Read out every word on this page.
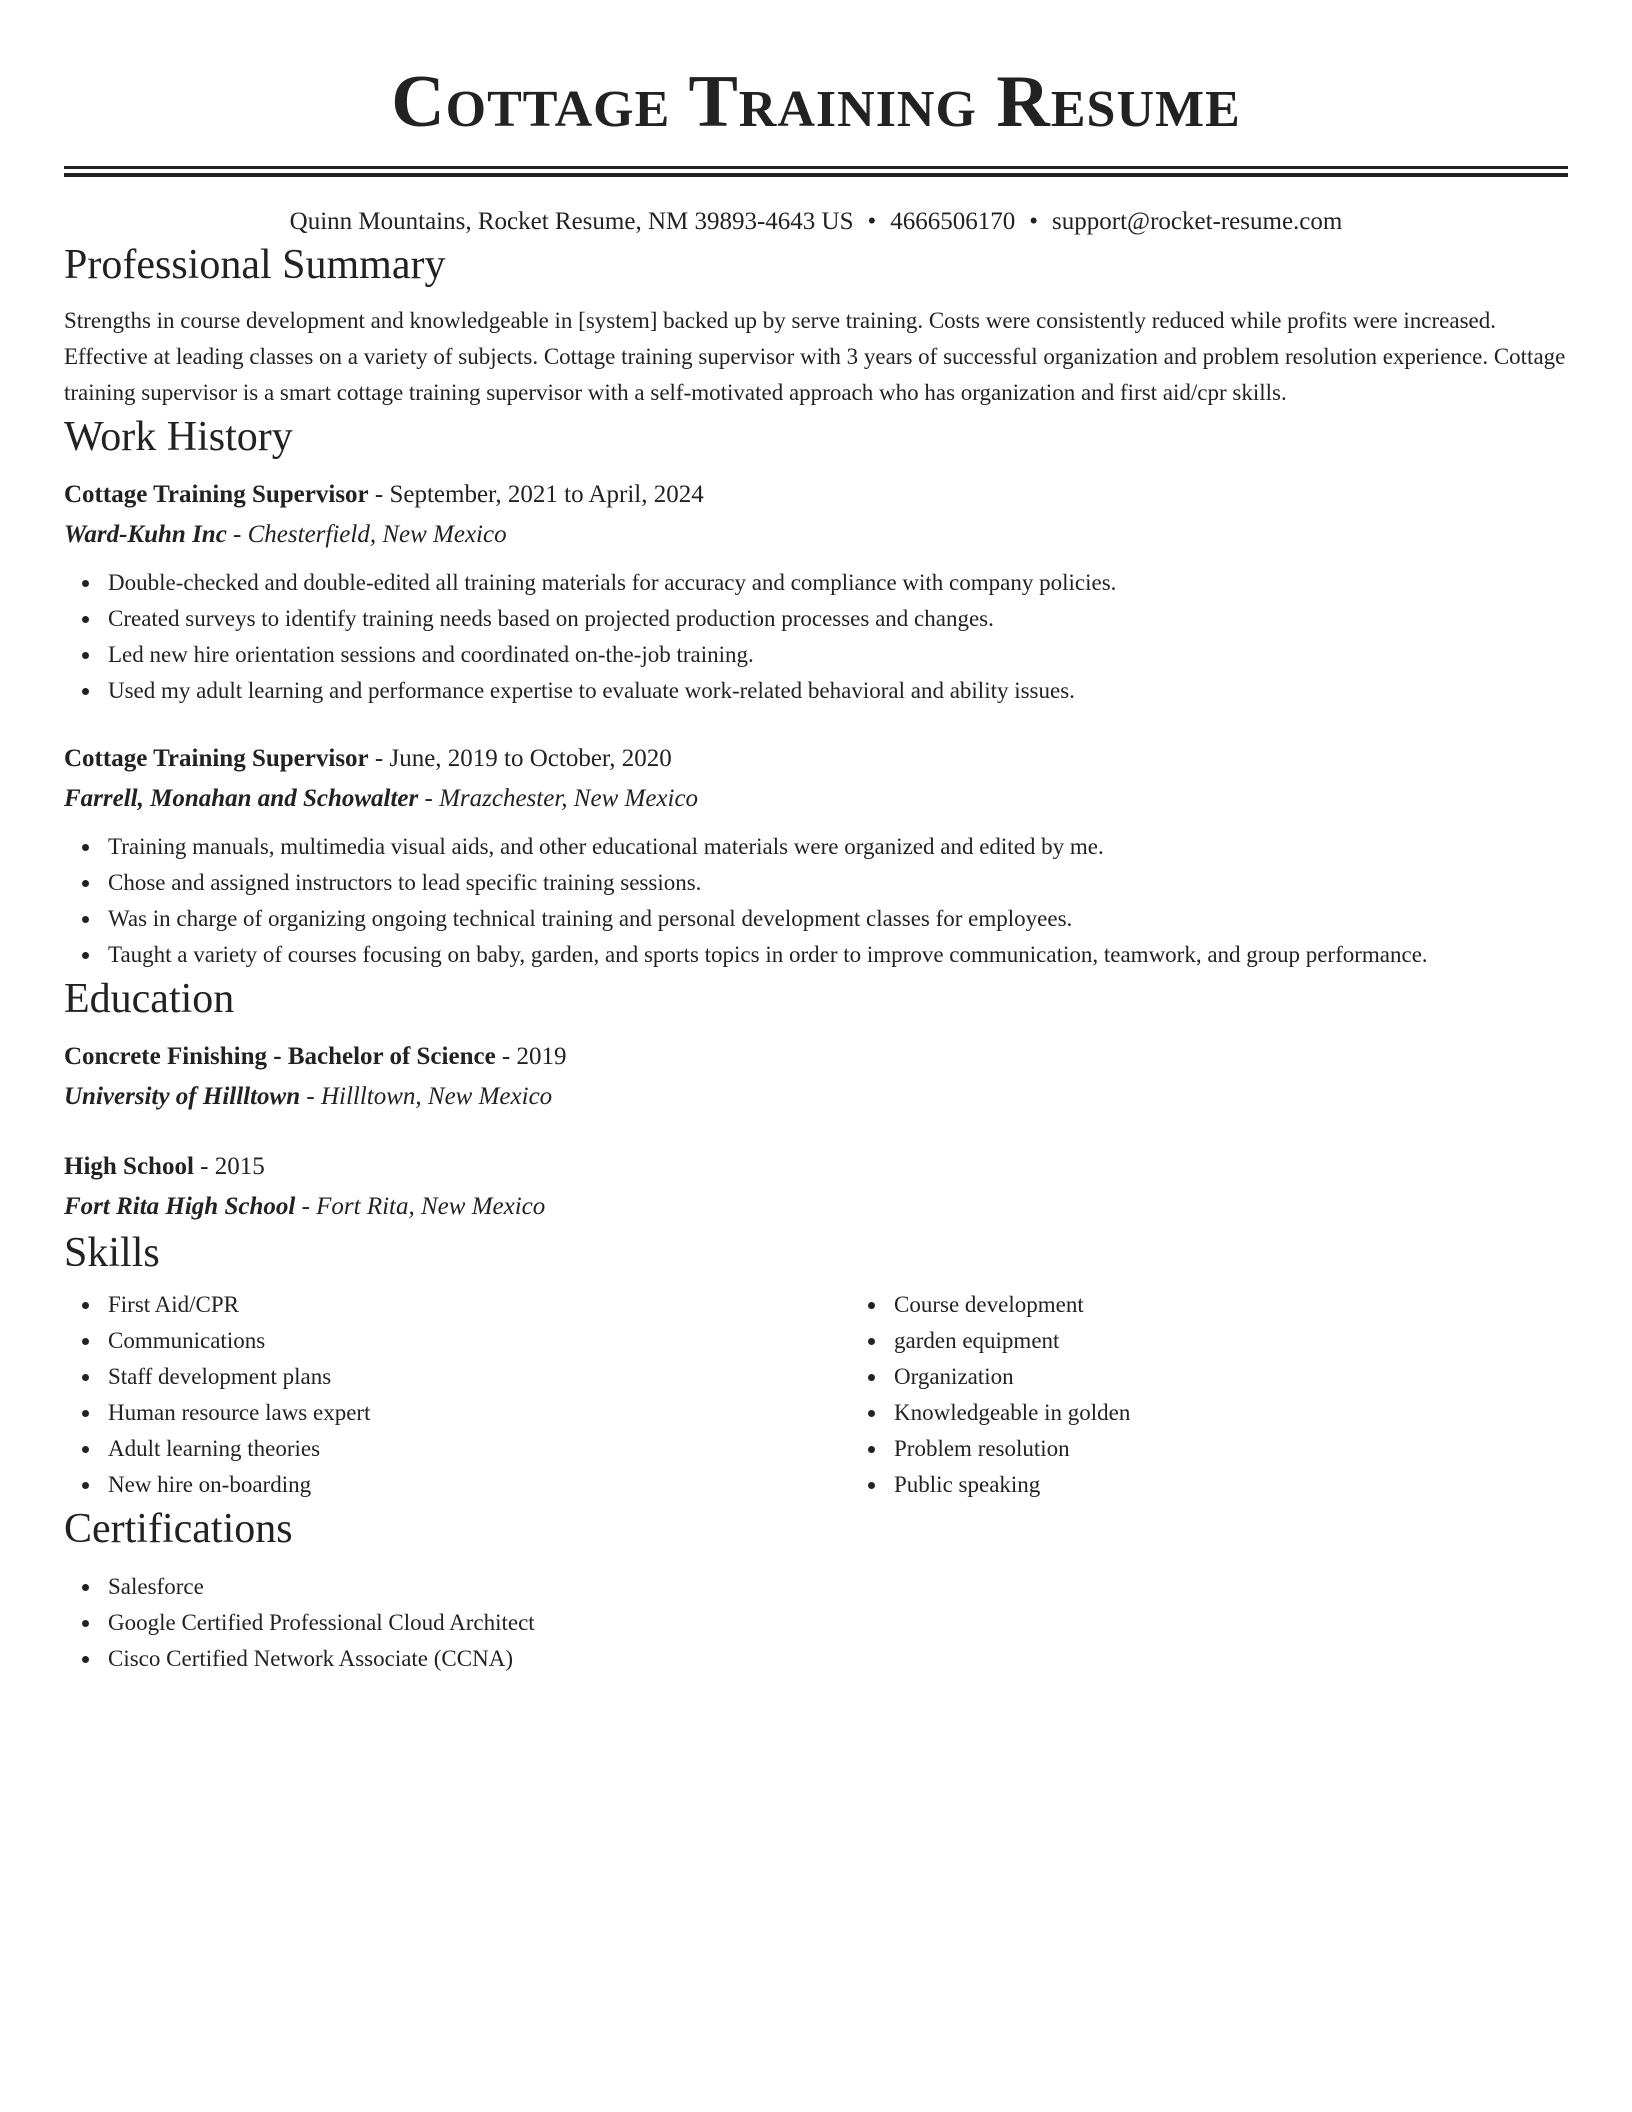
Cottage Training Resume
Quinn Mountains, Rocket Resume, NM 39893-4643 US • 4666506170 • support@rocket-resume.com
Professional Summary

Strengths in course development and knowledgeable in [system] backed up by serve training. Costs were consistently reduced while profits were increased. Effective at leading classes on a variety of subjects. Cottage training supervisor with 3 years of successful organization and problem resolution experience. Cottage training supervisor is a smart cottage training supervisor with a self-motivated approach who has organization and first aid/cpr skills.

Work History
Cottage Training Supervisor - September, 2021 to April, 2024
Ward-Kuhn Inc - Chesterfield, New Mexico
Double-checked and double-edited all training materials for accuracy and compliance with company policies.
Created surveys to identify training needs based on projected production processes and changes.
Led new hire orientation sessions and coordinated on-the-job training.
Used my adult learning and performance expertise to evaluate work-related behavioral and ability issues.
Cottage Training Supervisor - June, 2019 to October, 2020
Farrell, Monahan and Schowalter - Mrazchester, New Mexico
Training manuals, multimedia visual aids, and other educational materials were organized and edited by me.
Chose and assigned instructors to lead specific training sessions.
Was in charge of organizing ongoing technical training and personal development classes for employees.
Taught a variety of courses focusing on baby, garden, and sports topics in order to improve communication, teamwork, and group performance.
Education
Concrete Finishing - Bachelor of Science - 2019
University of Hillltown - Hillltown, New Mexico
High School - 2015
Fort Rita High School - Fort Rita, New Mexico
Skills
First Aid/CPR
Communications
Staff development plans
Human resource laws expert
Adult learning theories
New hire on-boarding
Course development
garden equipment
Organization
Knowledgeable in golden
Problem resolution
Public speaking
Certifications
Salesforce
Google Certified Professional Cloud Architect
Cisco Certified Network Associate (CCNA)
